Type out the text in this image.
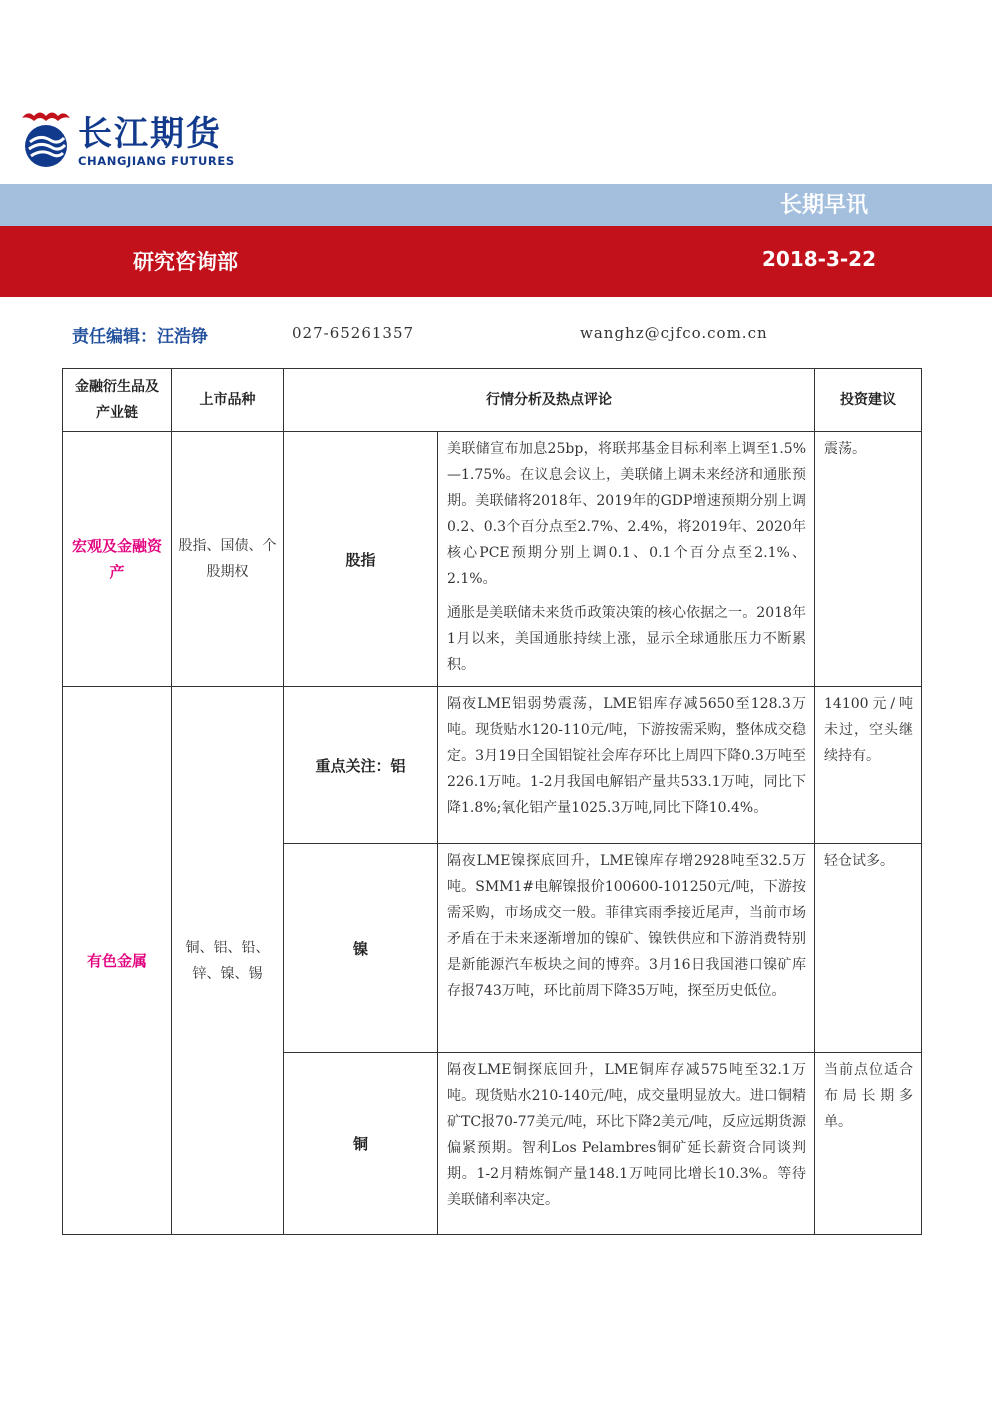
长江期货
CHANGJIANG FUTURES
长期早讯
研究咨询部	2018-3-22
责任编辑：汪浩铮	027-65261357	wanghz@cjfco.com.cn
金融衍生品及产业链	上市品种	行情分析及热点评论		投资建议
宏观及金融资产	股指、国债、个股期权	股指	美联储宣布加息25bp，将联邦基金目标利率上调至1.5%—1.75%。在议息会议上，美联储上调未来经济和通胀预期。美联储将2018年、2019年的GDP增速预期分别上调0.2、0.3个百分点至2.7%、2.4%，将2019年、2020年核心PCE预期分别上调0.1、0.1个百分点至2.1%、2.1%。

通胀是美联储未来货币政策决策的核心依据之一。2018年1月以来，美国通胀持续上涨，显示全球通胀压力不断累积。	震荡。
有色金属	铜、铝、铅、锌、镍、锡	重点关注：铝	隔夜LME铝弱势震荡，LME铝库存减5650至128.3万吨。现货贴水120-110元/吨，下游按需采购，整体成交稳定。3月19日全国铝锭社会库存环比上周四下降0.3万吨至226.1万吨。1-2月我国电解铝产量共533.1万吨，同比下降1.8%;氧化铝产量1025.3万吨,同比下降10.4%。	14100元/吨未过，空头继续持有。
		镍	隔夜LME镍探底回升，LME镍库存增2928吨至32.5万吨。SMM1#电解镍报价100600-101250元/吨，下游按需采购，市场成交一般。菲律宾雨季接近尾声，当前市场矛盾在于未来逐渐增加的镍矿、镍铁供应和下游消费特别是新能源汽车板块之间的博弈。3月16日我国港口镍矿库存报743万吨，环比前周下降35万吨，探至历史低位。	轻仓试多。
		铜	隔夜LME铜探底回升，LME铜库存减575吨至32.1万吨。现货贴水210-140元/吨，成交量明显放大。进口铜精矿TC报70-77美元/吨，环比下降2美元/吨，反应远期货源偏紧预期。智利Los Pelambres铜矿延长薪资合同谈判期。1-2月精炼铜产量148.1万吨同比增长10.3%。等待美联储利率决定。	当前点位适合布局长期多单。
